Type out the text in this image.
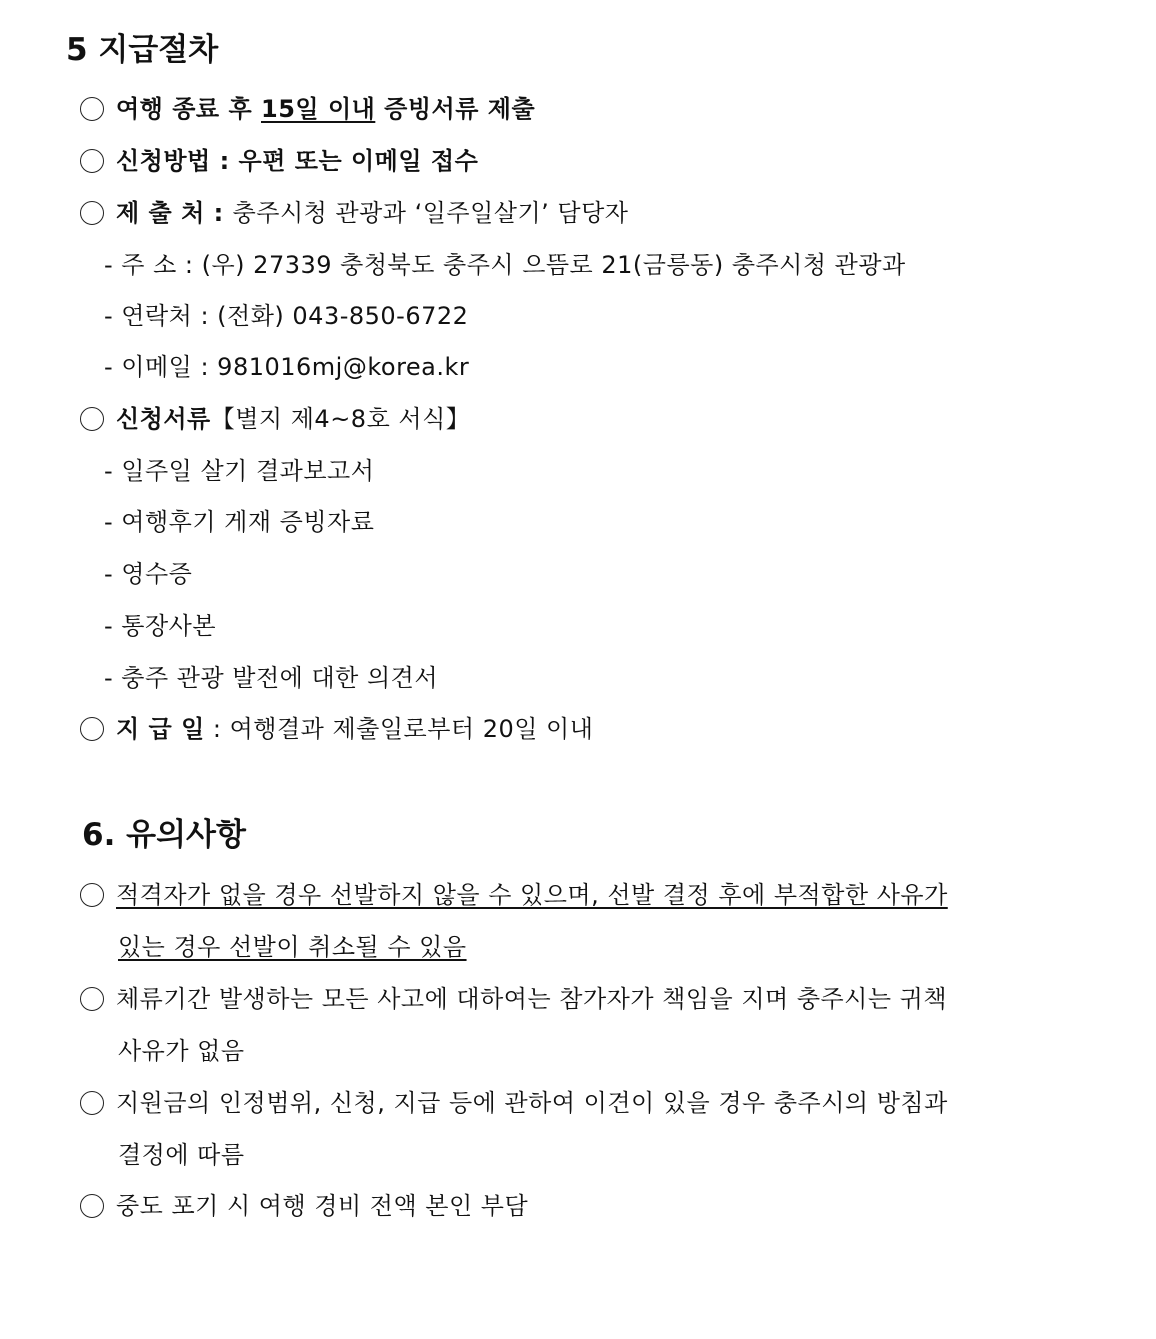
5 지급절차
여행 종료 후 15일 이내 증빙서류 제출
신청방법 : 우편 또는 이메일 접수
제 출 처 : 충주시청 관광과 ‘일주일살기’ 담당자
- 주 소 : (우) 27339 충청북도 충주시 으뜸로 21(금릉동) 충주시청 관광과
- 연락처 : (전화) 043-850-6722
- 이메일 : 981016mj@korea.kr
신청서류【별지 제4~8호 서식】
- 일주일 살기 결과보고서
- 여행후기 게재 증빙자료
- 영수증
- 통장사본
- 충주 관광 발전에 대한 의견서
지 급 일 : 여행결과 제출일로부터 20일 이내
6. 유의사항
적격자가 없을 경우 선발하지 않을 수 있으며, 선발 결정 후에 부적합한 사유가
있는 경우 선발이 취소될 수 있음
체류기간 발생하는 모든 사고에 대하여는 참가자가 책임을 지며 충주시는 귀책
사유가 없음
지원금의 인정범위, 신청, 지급 등에 관하여 이견이 있을 경우 충주시의 방침과
결정에 따름
중도 포기 시 여행 경비 전액 본인 부담
